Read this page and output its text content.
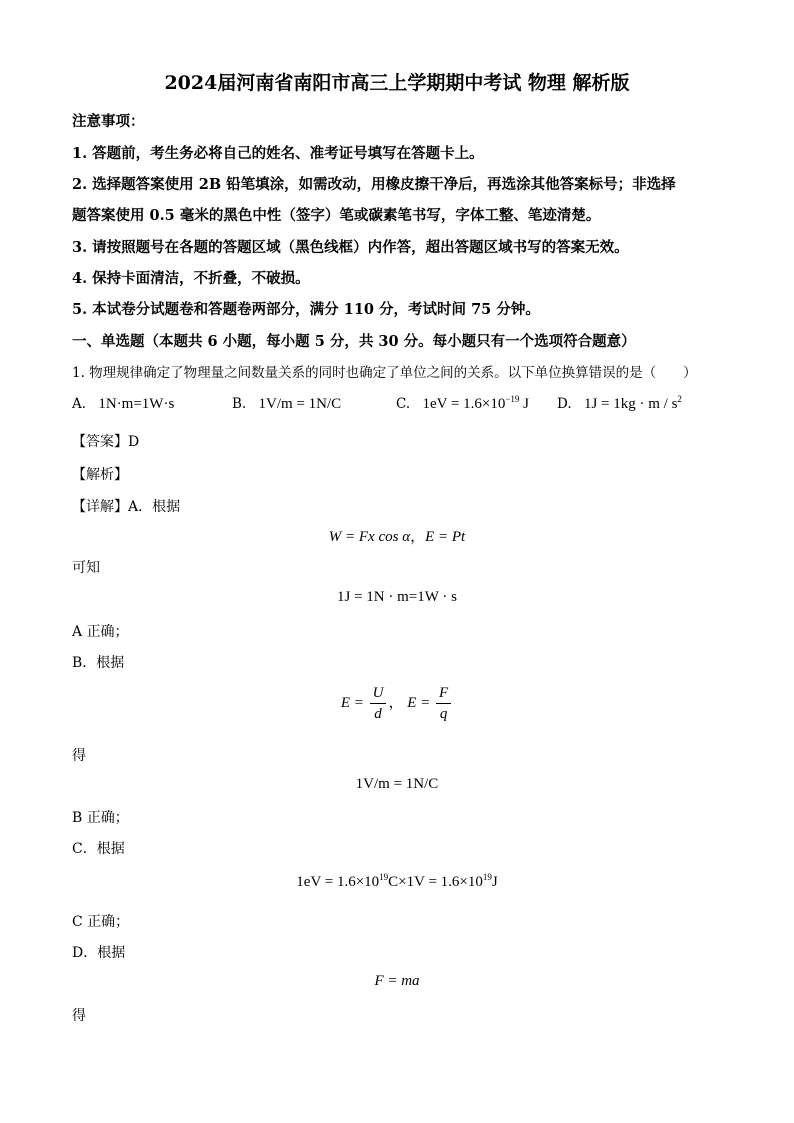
2024届河南省南阳市高三上学期期中考试 物理 解析版
注意事项：
1. 答题前，考生务必将自己的姓名、准考证号填写在答题卡上。
2. 选择题答案使用 2B 铅笔填涂，如需改动，用橡皮擦干净后，再选涂其他答案标号；非选择
题答案使用 0.5 毫米的黑色中性（签字）笔或碳素笔书写，字体工整、笔迹清楚。
3. 请按照题号在各题的答题区域（黑色线框）内作答，超出答题区域书写的答案无效。
4. 保持卡面清洁，不折叠，不破损。
5. 本试卷分试题卷和答题卷两部分，满分 110 分，考试时间 75 分钟。
一、单选题（本题共 6 小题，每小题 5 分，共 30 分。每小题只有一个选项符合题意）
1. 物理规律确定了物理量之间数量关系的同时也确定了单位之间的关系。以下单位换算错误的是（　　）
A. 1N·m=1W·s	B. 1V/m = 1N/C	C. $1eV = 1.6\times 10^{-19}$ J D. $1J = 1kg \cdot m / s^2$
【答案】D
【解析】
【详解】A．根据
W = Fx cos α，E = Pt
可知
1J = 1N · m=1W · s
A 正确；
B．根据
$E = \frac{U}{d}$ ， $E = \frac{F}{q}$
得
1V/m = 1N/C
B 正确；
C．根据
$1eV = 1.6\times 10^{19}C\times 1V = 1.6\times 10^{19}J$
C 正确；
D．根据
F = ma
得
